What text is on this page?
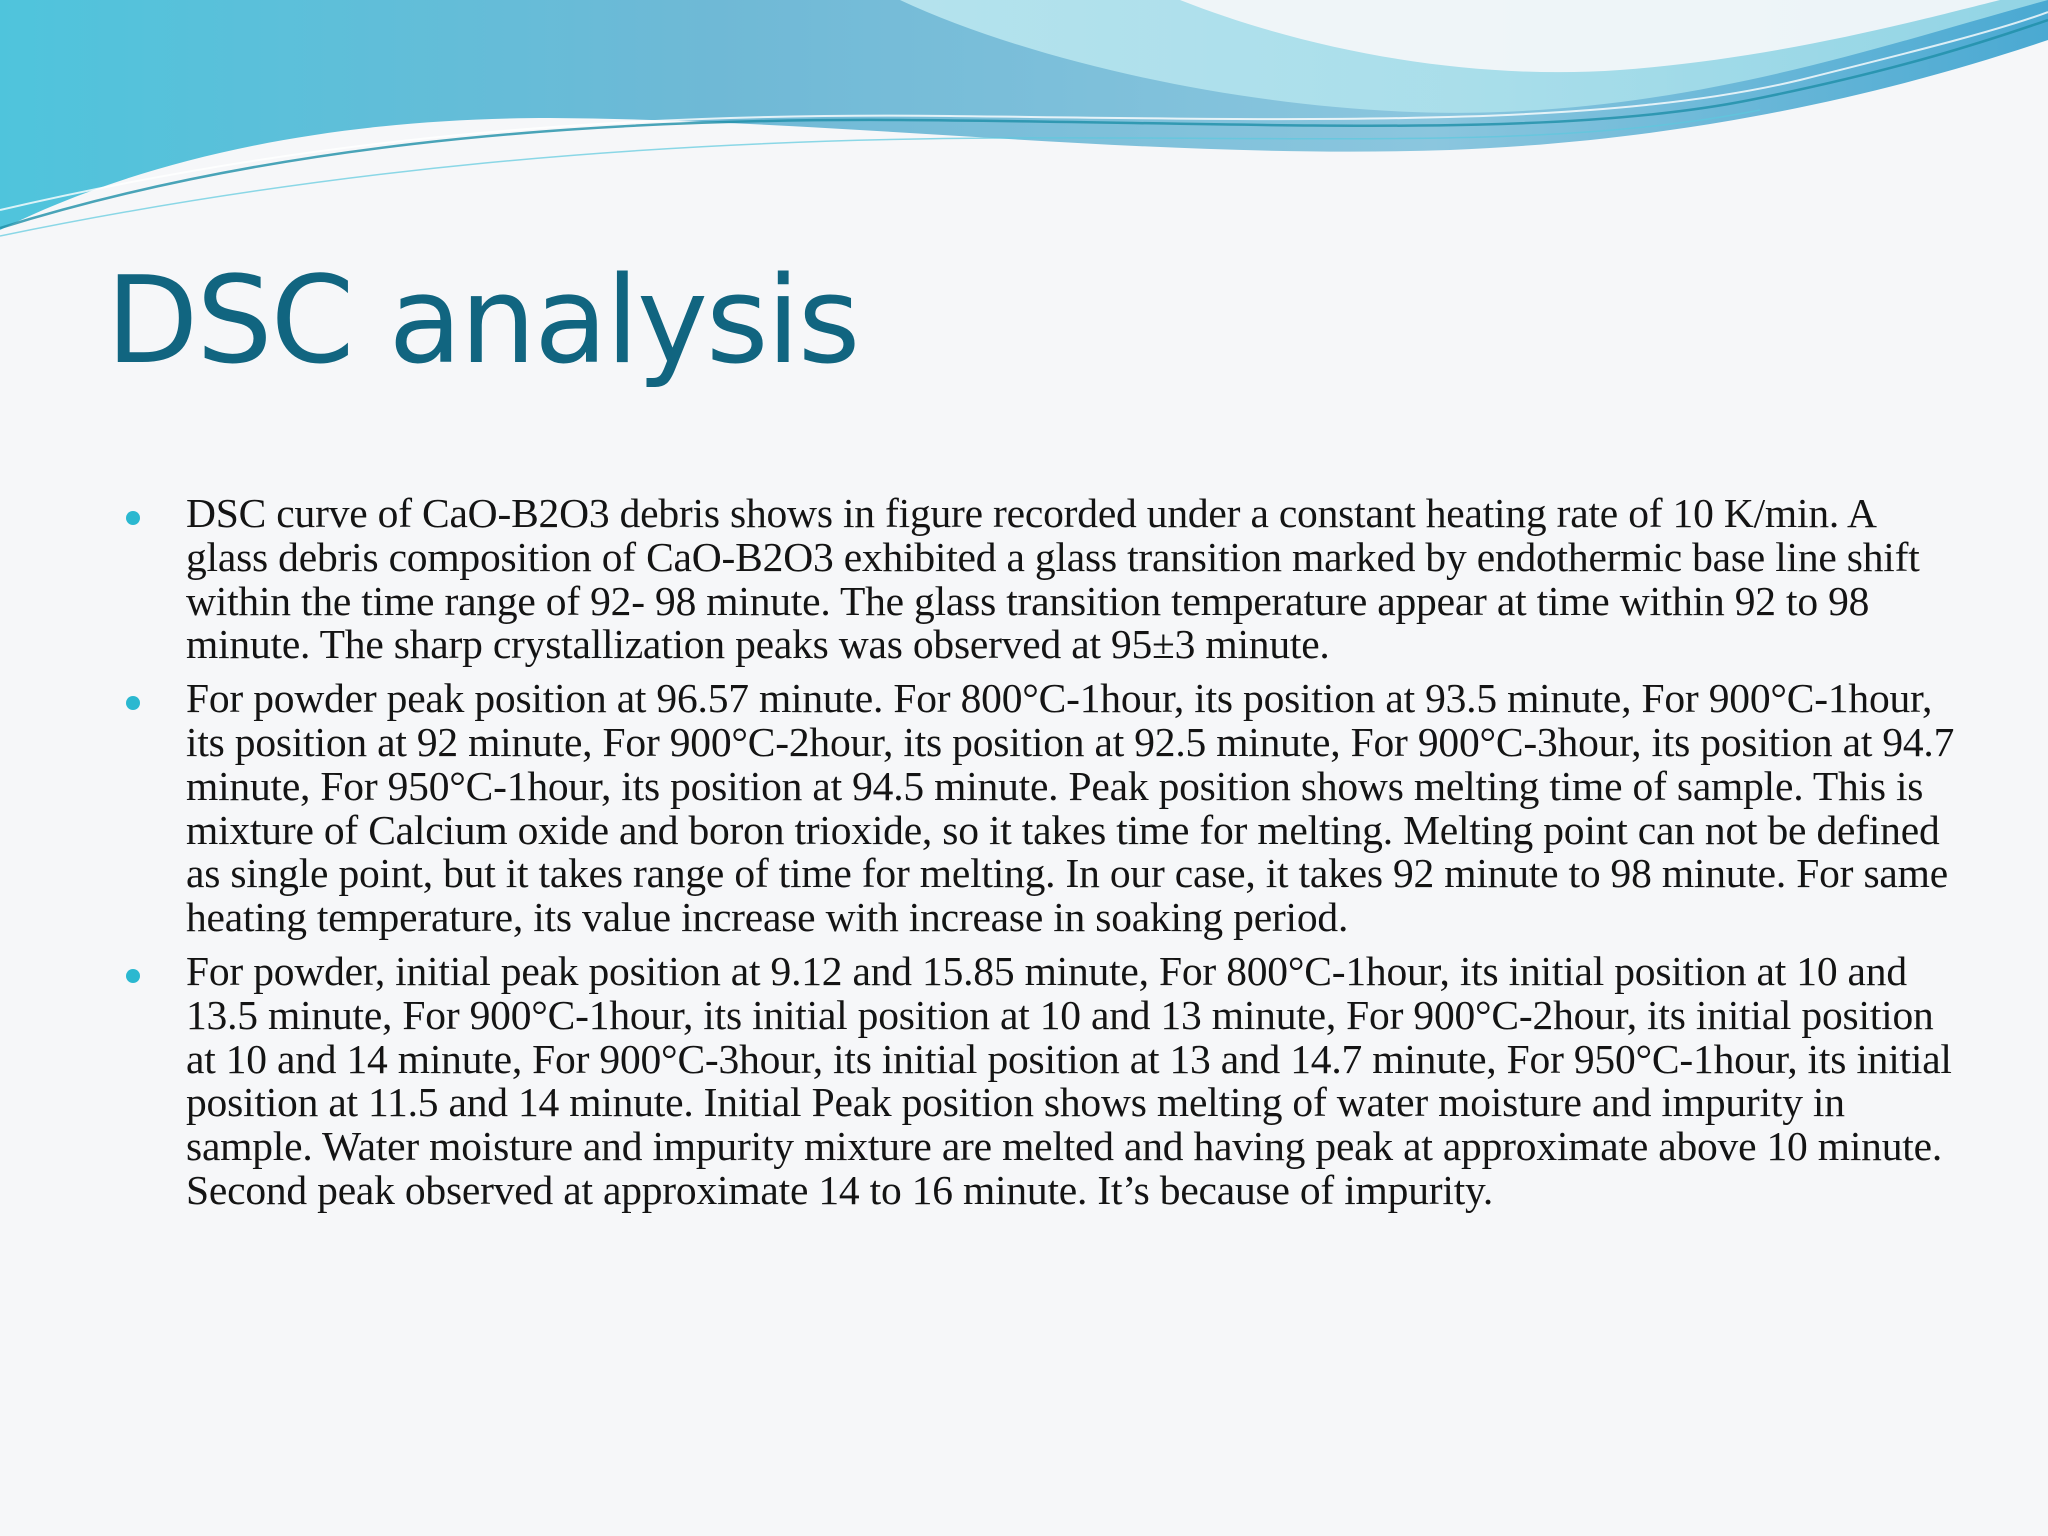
DSC analysis
DSC curve of CaO-B2O3 debris shows in figure recorded under a constant heating rate of 10 K/min. A glass debris composition of CaO-B2O3 exhibited a glass transition marked by endothermic base line shift within the time range of 92- 98 minute. The glass transition temperature appear at time within 92 to 98 minute. The sharp crystallization peaks was observed at 95±3 minute.
For powder peak position at 96.57 minute. For 800°C-1hour, its position at 93.5 minute, For 900°C-1hour, its position at 92 minute, For 900°C-2hour, its position at 92.5 minute, For 900°C-3hour, its position at 94.7 minute, For 950°C-1hour, its position at 94.5 minute. Peak position shows melting time of sample. This is mixture of Calcium oxide and boron trioxide, so it takes time for melting. Melting point can not be defined as single point, but it takes range of time for melting. In our case, it takes 92 minute to 98 minute. For same heating temperature, its value increase with increase in soaking period.
For powder, initial peak position at 9.12 and 15.85 minute, For 800°C-1hour, its initial position at 10 and 13.5 minute, For 900°C-1hour, its initial position at 10 and 13 minute, For 900°C-2hour, its initial position at 10 and 14 minute, For 900°C-3hour, its initial position at 13 and 14.7 minute, For 950°C-1hour, its initial position at 11.5 and 14 minute. Initial Peak position shows melting of water moisture and impurity in sample. Water moisture and impurity mixture are melted and having peak at approximate above 10 minute. Second peak observed at approximate 14 to 16 minute. It’s because of impurity.
